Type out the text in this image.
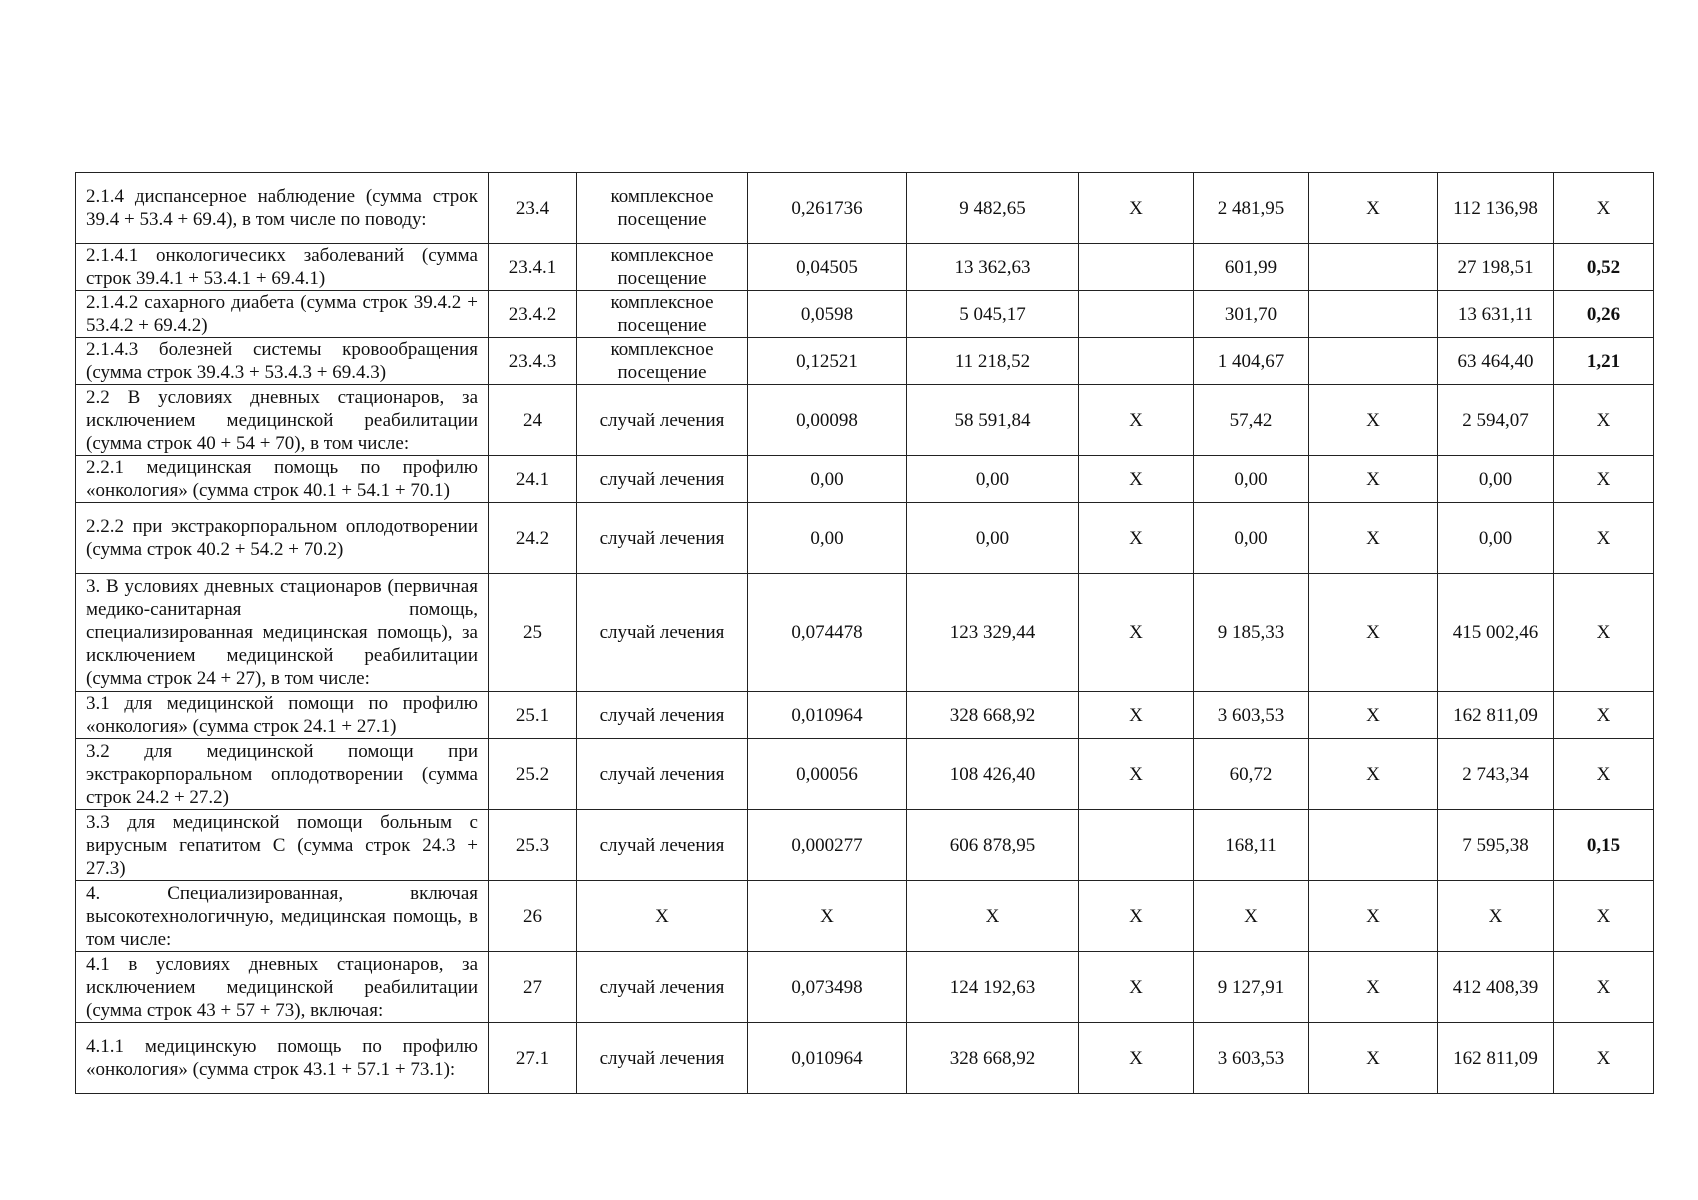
2.1.4 диспансерное наблюдение (сумма строк 39.4 + 53.4 + 69.4), в том числе по поводу:	23.4	комплексное посещение	0,261736	9 482,65	X	2 481,95	X	112 136,98	X
2.1.4.1 онкологичесикх заболеваний (сумма строк 39.4.1 + 53.4.1 + 69.4.1)	23.4.1	комплексное посещение	0,04505	13 362,63		601,99		27 198,51	0,52
2.1.4.2 сахарного диабета (сумма строк 39.4.2 + 53.4.2 + 69.4.2)	23.4.2	комплексное посещение	0,0598	5 045,17		301,70		13 631,11	0,26
2.1.4.3 болезней системы кровообращения (сумма строк 39.4.3 + 53.4.3 + 69.4.3)	23.4.3	комплексное посещение	0,12521	11 218,52		1 404,67		63 464,40	1,21
2.2 В условиях дневных стационаров, за исключением медицинской реабилитации (сумма строк 40 + 54 + 70), в том числе:	24	случай лечения	0,00098	58 591,84	X	57,42	X	2 594,07	X
2.2.1 медицинская помощь по профилю «онкология» (сумма строк 40.1 + 54.1 + 70.1)	24.1	случай лечения	0,00	0,00	X	0,00	X	0,00	X
2.2.2 при экстракорпоральном оплодотворении (сумма строк 40.2 + 54.2 + 70.2)	24.2	случай лечения	0,00	0,00	X	0,00	X	0,00	X
3. В условиях дневных стационаров (первичная медико-санитарная помощь, специализированная медицинская помощь), за исключением медицинской реабилитации (сумма строк 24 + 27), в том числе:	25	случай лечения	0,074478	123 329,44	X	9 185,33	X	415 002,46	X
3.1 для медицинской помощи по профилю «онкология» (сумма строк 24.1 + 27.1)	25.1	случай лечения	0,010964	328 668,92	X	3 603,53	X	162 811,09	X
3.2 для медицинской помощи при экстракорпоральном оплодотворении (сумма строк 24.2 + 27.2)	25.2	случай лечения	0,00056	108 426,40	X	60,72	X	2 743,34	X
3.3 для медицинской помощи больным с вирусным гепатитом С (сумма строк 24.3 + 27.3)	25.3	случай лечения	0,000277	606 878,95		168,11		7 595,38	0,15
4. Специализированная, включая высокотехнологичную, медицинская помощь, в том числе:	26	X	X	X	X	X	X	X	X
4.1 в условиях дневных стационаров, за исключением медицинской реабилитации (сумма строк 43 + 57 + 73), включая:	27	случай лечения	0,073498	124 192,63	X	9 127,91	X	412 408,39	X
4.1.1 медицинскую помощь по профилю «онкология» (сумма строк 43.1 + 57.1 + 73.1):	27.1	случай лечения	0,010964	328 668,92	X	3 603,53	X	162 811,09	X
